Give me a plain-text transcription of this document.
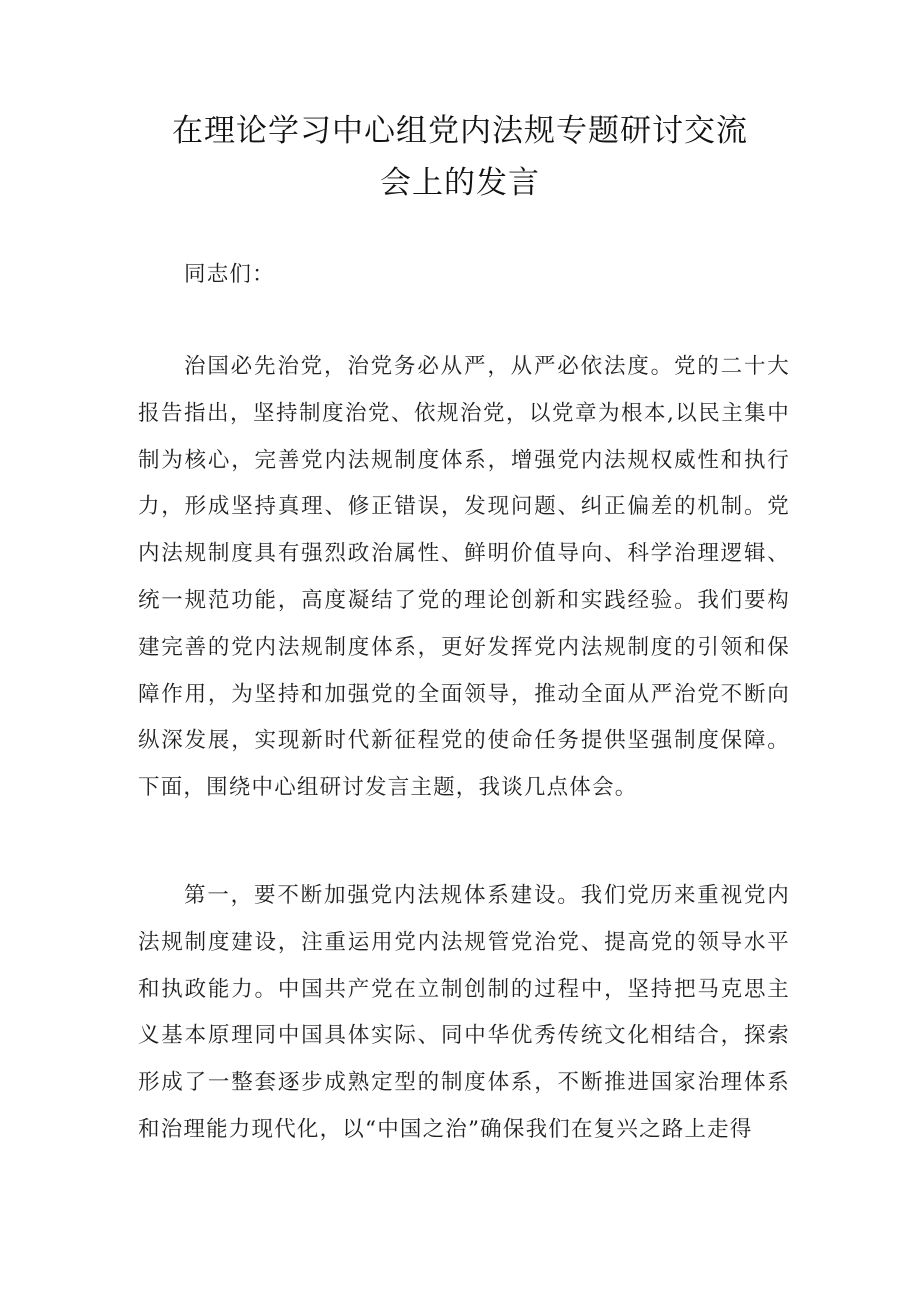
在理论学习中心组党内法规专题研讨交流
会上的发言

同志们：

治国必先治党，治党务必从严，从严必依法度。党的二十大报告指出，坚持制度治党、依规治党，以党章为根本,以民主集中制为核心，完善党内法规制度体系，增强党内法规权威性和执行力，形成坚持真理、修正错误，发现问题、纠正偏差的机制。党内法规制度具有强烈政治属性、鲜明价值导向、科学治理逻辑、统一规范功能，高度凝结了党的理论创新和实践经验。我们要构建完善的党内法规制度体系，更好发挥党内法规制度的引领和保障作用，为坚持和加强党的全面领导，推动全面从严治党不断向纵深发展，实现新时代新征程党的使命任务提供坚强制度保障。下面，围绕中心组研讨发言主题，我谈几点体会。

第一，要不断加强党内法规体系建设。我们党历来重视党内法规制度建设，注重运用党内法规管党治党、提高党的领导水平和执政能力。中国共产党在立制创制的过程中，坚持把马克思主义基本原理同中国具体实际、同中华优秀传统文化相结合，探索形成了一整套逐步成熟定型的制度体系，不断推进国家治理体系和治理能力现代化，以“中国之治”确保我们在复兴之路上走得
